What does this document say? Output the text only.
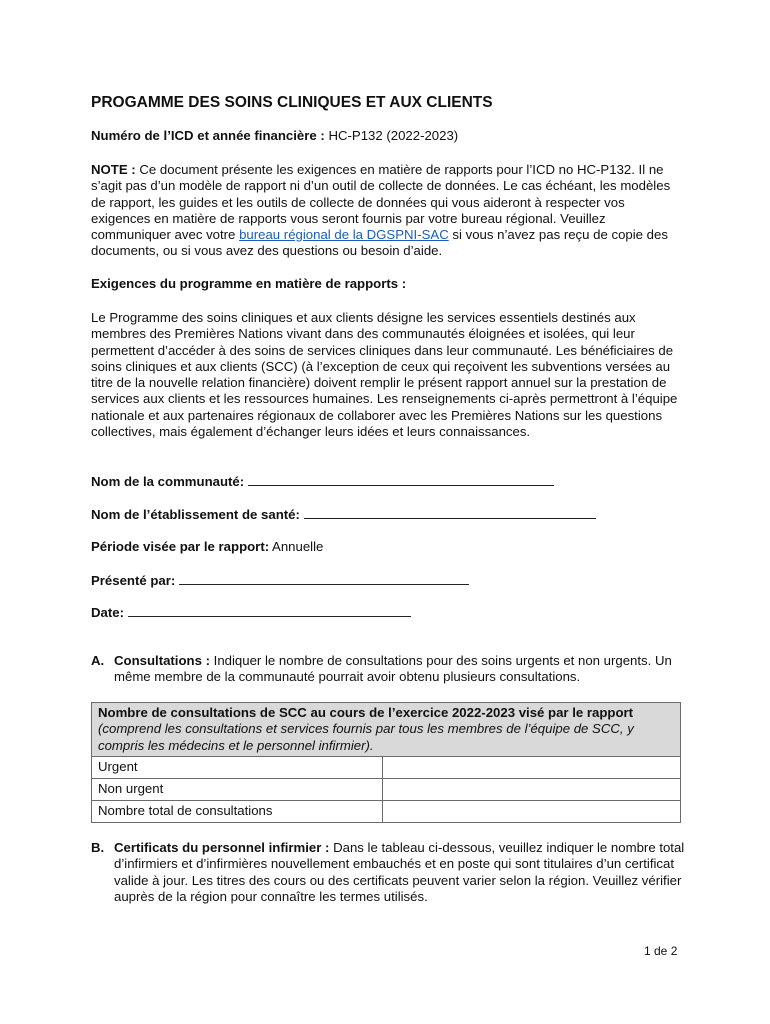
PROGAMME DES SOINS CLINIQUES ET AUX CLIENTS
Numéro de l’ICD et année financière : HC-P132 (2022-2023)
NOTE : Ce document présente les exigences en matière de rapports pour l’ICD no HC-P132. Il ne s’agit pas d’un modèle de rapport ni d’un outil de collecte de données. Le cas échéant, les modèles de rapport, les guides et les outils de collecte de données qui vous aideront à respecter vos exigences en matière de rapports vous seront fournis par votre bureau régional. Veuillez communiquer avec votre bureau régional de la DGSPNI-SAC si vous n’avez pas reçu de copie des documents, ou si vous avez des questions ou besoin d’aide.
Exigences du programme en matière de rapports :
Le Programme des soins cliniques et aux clients désigne les services essentiels destinés aux membres des Premières Nations vivant dans des communautés éloignées et isolées, qui leur permettent d’accéder à des soins de services cliniques dans leur communauté. Les bénéficiaires de soins cliniques et aux clients (SCC) (à l’exception de ceux qui reçoivent les subventions versées au titre de la nouvelle relation financière) doivent remplir le présent rapport annuel sur la prestation de services aux clients et les ressources humaines. Les renseignements ci-après permettront à l’équipe nationale et aux partenaires régionaux de collaborer avec les Premières Nations sur les questions collectives, mais également d’échanger leurs idées et leurs connaissances.
Nom de la communauté:
Nom de l’établissement de santé:
Période visée par le rapport: Annuelle
Présenté par:
Date:
A. Consultations : Indiquer le nombre de consultations pour des soins urgents et non urgents. Un même membre de la communauté pourrait avoir obtenu plusieurs consultations.
Nombre de consultations de SCC au cours de l’exercice 2022-2023 visé par le rapport
(comprend les consultations et services fournis par tous les membres de l’équipe de SCC, y compris les médecins et le personnel infirmier).	

Urgent	
Non urgent	
Nombre total de consultations	
B. Certificats du personnel infirmier : Dans le tableau ci-dessous, veuillez indiquer le nombre total d’infirmiers et d’infirmières nouvellement embauchés et en poste qui sont titulaires d’un certificat valide à jour. Les titres des cours ou des certificats peuvent varier selon la région. Veuillez vérifier auprès de la région pour connaître les termes utilisés.
1 de 2
